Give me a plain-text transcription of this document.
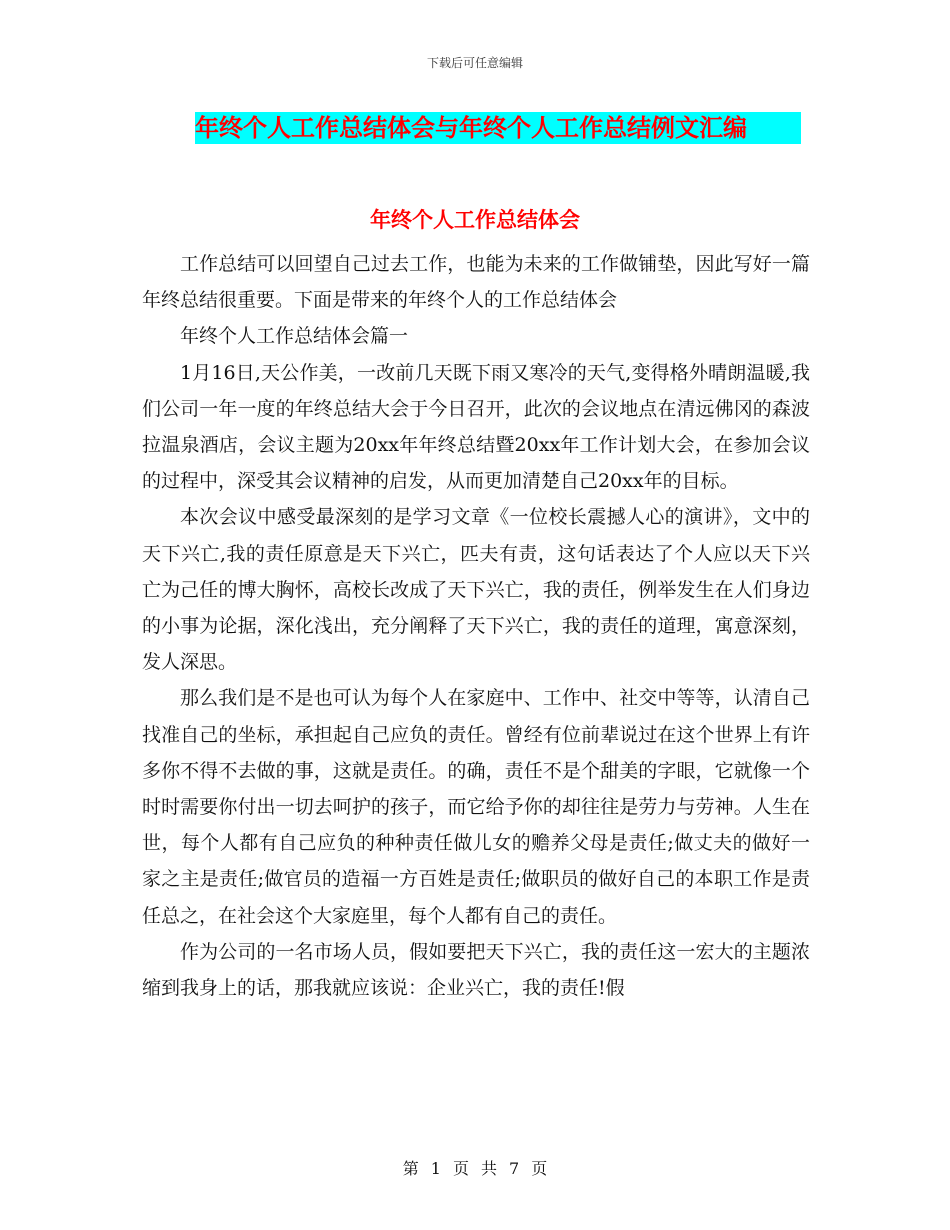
下载后可任意编辑
年终个人工作总结体会与年终个人工作总结例文汇编
年终个人工作总结体会

工作总结可以回望自己过去工作，也能为未来的工作做铺垫，因此写好一篇年终总结很重要。下面是带来的年终个人的工作总结体会

年终个人工作总结体会篇一

1月16日,天公作美，一改前几天既下雨又寒冷的天气,变得格外晴朗温暖,我们公司一年一度的年终总结大会于今日召开，此次的会议地点在清远佛冈的森波拉温泉酒店，会议主题为20xx年年终总结暨20xx年工作计划大会，在参加会议的过程中，深受其会议精神的启发，从而更加清楚自己20xx年的目标。

本次会议中感受最深刻的是学习文章《一位校长震撼人心的演讲》，文中的天下兴亡,我的责任原意是天下兴亡，匹夫有责，这句话表达了个人应以天下兴亡为己任的博大胸怀，高校长改成了天下兴亡，我的责任，例举发生在人们身边的小事为论据，深化浅出，充分阐释了天下兴亡，我的责任的道理，寓意深刻，发人深思。

那么我们是不是也可认为每个人在家庭中、工作中、社交中等等，认清自己找准自己的坐标，承担起自己应负的责任。曾经有位前辈说过在这个世界上有许多你不得不去做的事，这就是责任。的确，责任不是个甜美的字眼，它就像一个时时需要你付出一切去呵护的孩子，而它给予你的却往往是劳力与劳神。人生在世，每个人都有自己应负的种种责任做儿女的赡养父母是责任;做丈夫的做好一家之主是责任;做官员的造福一方百姓是责任;做职员的做好自己的本职工作是责任总之，在社会这个大家庭里，每个人都有自己的责任。

作为公司的一名市场人员，假如要把天下兴亡，我的责任这一宏大的主题浓缩到我身上的话，那我就应该说：企业兴亡，我的责任!假

第 1 页 共 7 页
